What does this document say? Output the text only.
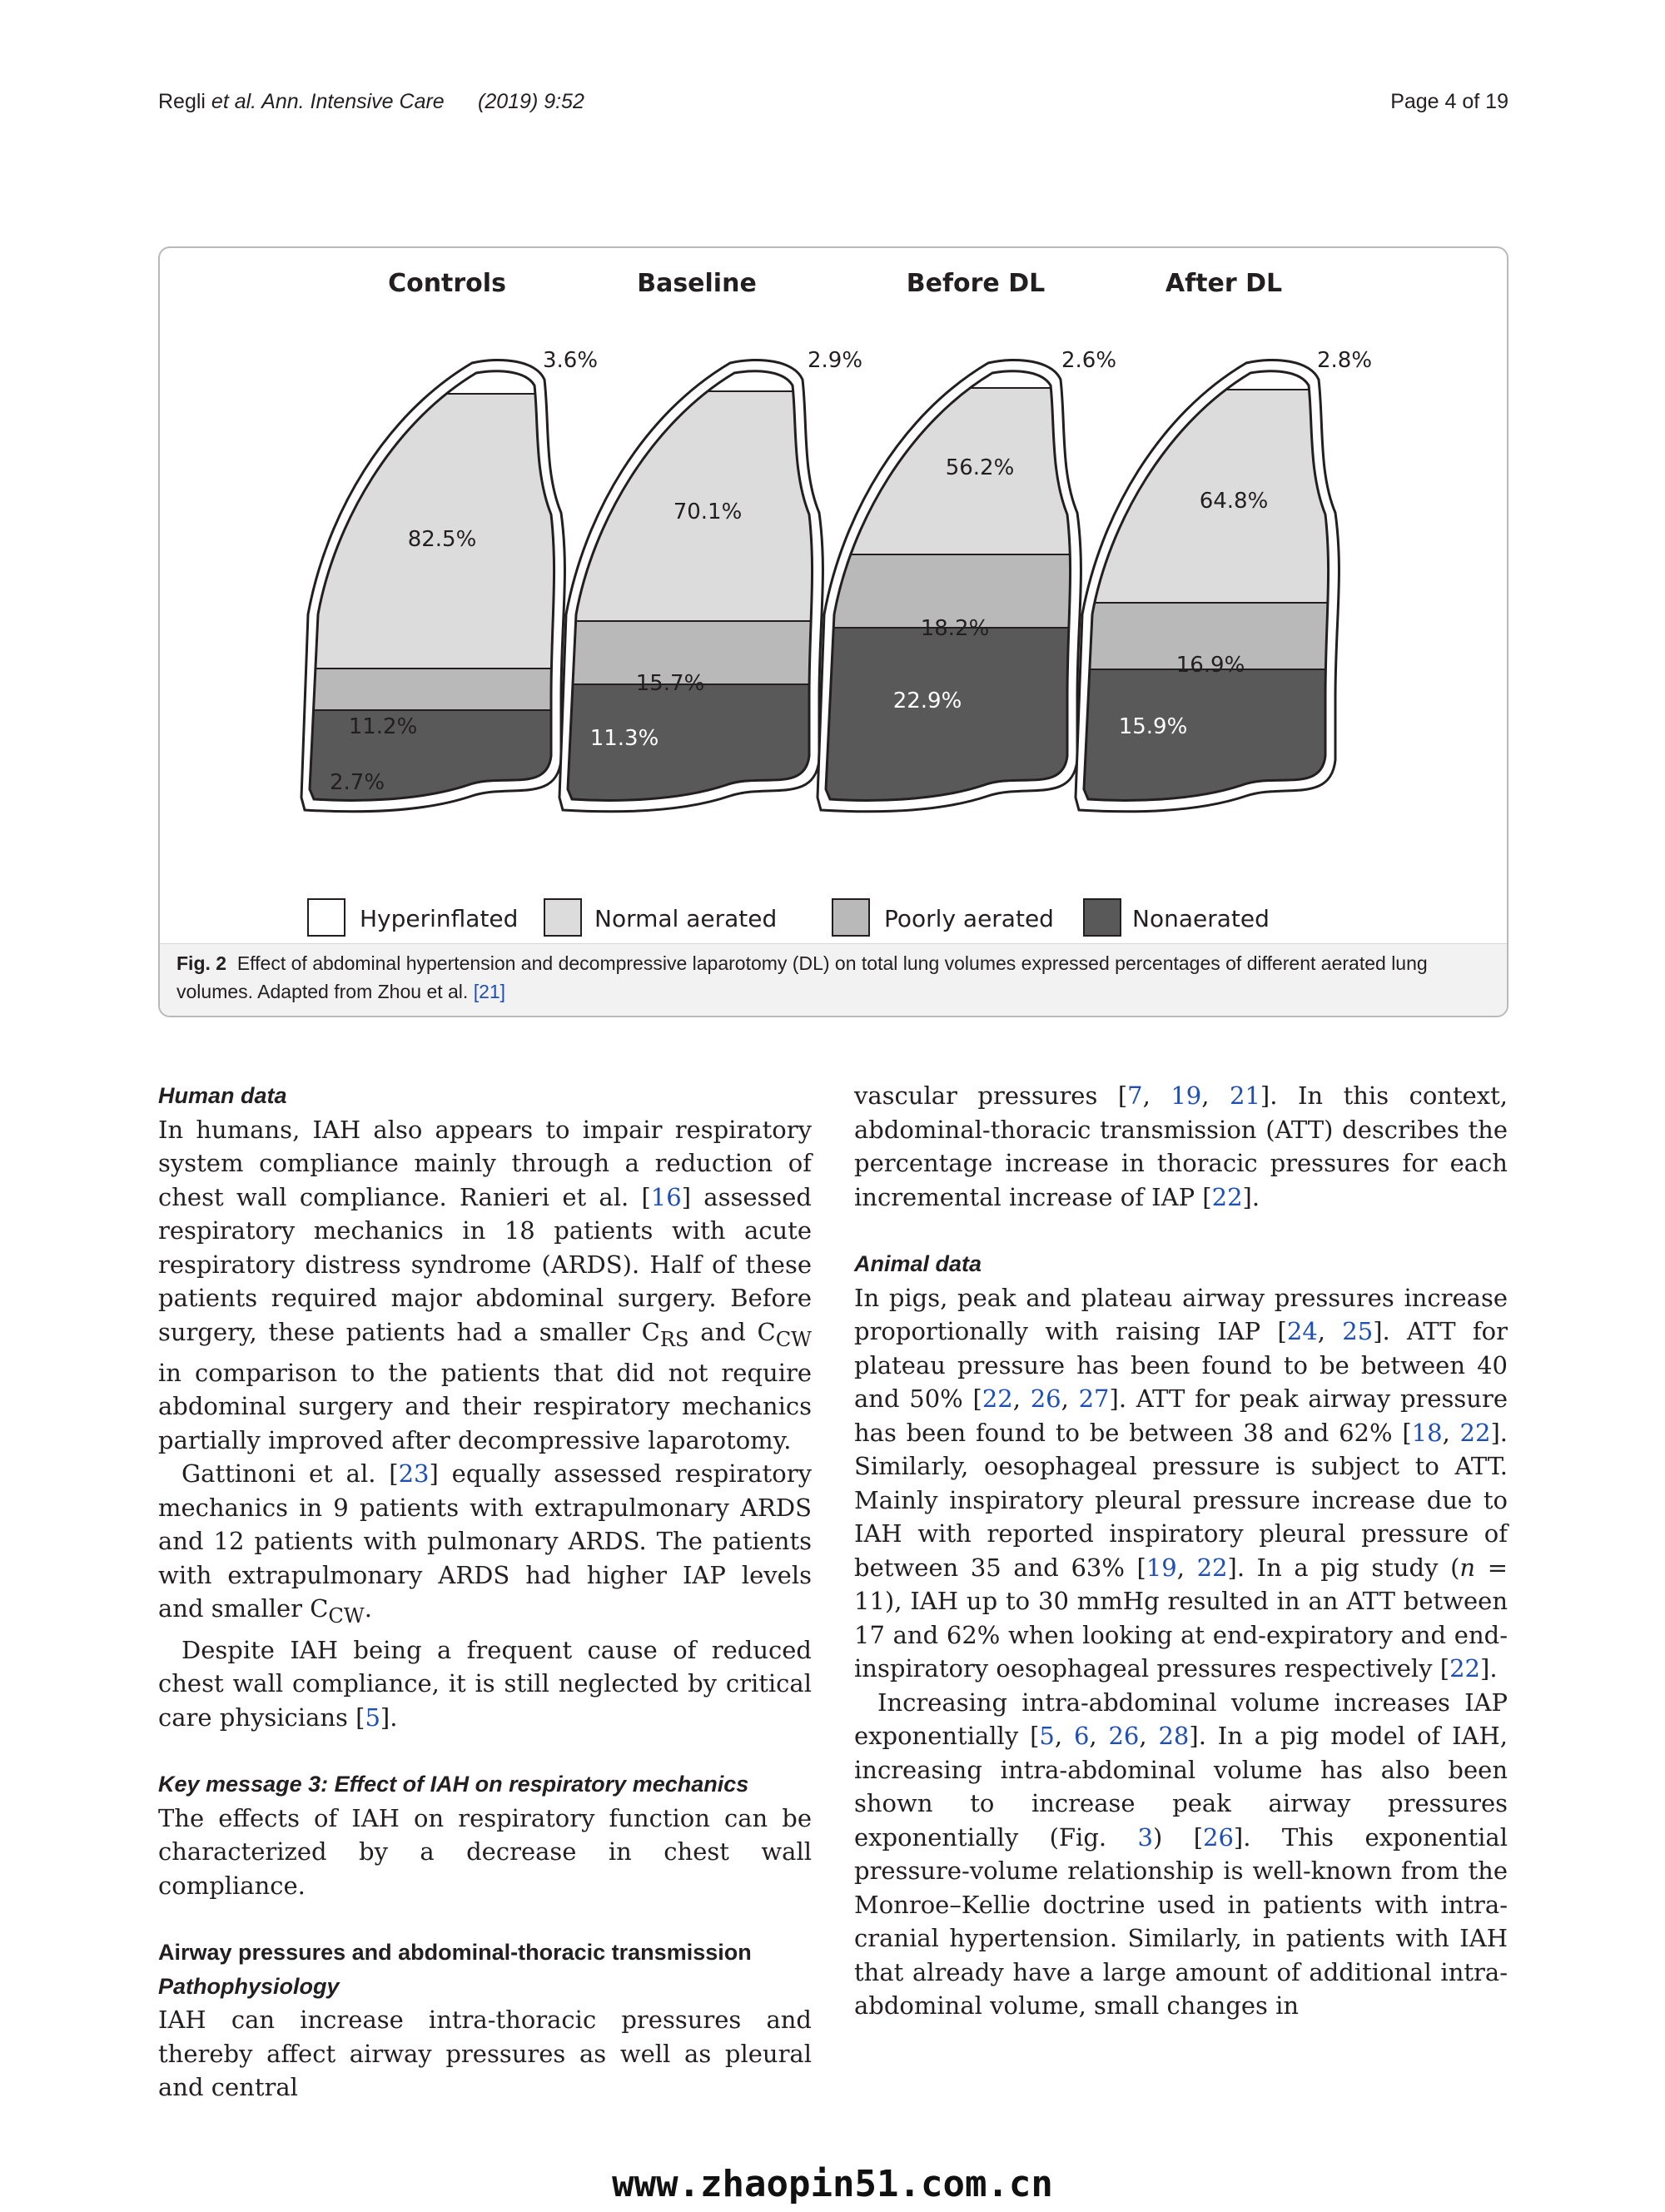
Regli et al. Ann. Intensive Care (2019) 9:52	Page 4 of 19
Controls	Baseline	Before DL	After DL
3.6%	2.9%	2.6%	2.8%
82.5%
70.1%
56.2%
64.8%
11.2%
15.7%
18.2%
16.9%
2.7%
11.3%
22.9%
15.9%
Hyperinflated	Normal aerated	Poorly aerated	Nonaerated
Fig. 2 Effect of abdominal hypertension and decompressive laparotomy (DL) on total lung volumes expressed percentages of different aerated lung volumes. Adapted from Zhou et al. [21]

Human data

In humans, IAH also appears to impair respiratory system compliance mainly through a reduction of chest wall compliance. Ranieri et al. [16] assessed respiratory mechanics in 18 patients with acute respiratory distress syndrome (ARDS). Half of these patients required major abdominal surgery. Before surgery, these patients had a smaller $C_{RS}$ and $C_{CW}$ in comparison to the patients that did not require abdominal surgery and their respiratory mechanics partially improved after decompressive laparotomy.

Gattinoni et al. [23] equally assessed respiratory mechanics in 9 patients with extrapulmonary ARDS and 12 patients with pulmonary ARDS. The patients with extrapulmonary ARDS had higher IAP levels and smaller $C_{CW}$.

Despite IAH being a frequent cause of reduced chest wall compliance, it is still neglected by critical care physicians [5].

Key message 3: Effect of IAH on respiratory mechanics

The effects of IAH on respiratory function can be characterized by a decrease in chest wall compliance.

Airway pressures and abdominal-thoracic transmission

Pathophysiology

IAH can increase intra-thoracic pressures and thereby affect airway pressures as well as pleural and central

vascular pressures [7, 19, 21]. In this context, abdominal-thoracic transmission (ATT) describes the percentage increase in thoracic pressures for each incremental increase of IAP [22].

Animal data

In pigs, peak and plateau airway pressures increase proportionally with raising IAP [24, 25]. ATT for plateau pressure has been found to be between 40 and 50% [22, 26, 27]. ATT for peak airway pressure has been found to be between 38 and 62% [18, 22]. Similarly, oesophageal pressure is subject to ATT. Mainly inspiratory pleural pressure increase due to IAH with reported inspiratory pleural pressure of between 35 and 63% [19, 22]. In a pig study (n = 11), IAH up to 30 mmHg resulted in an ATT between 17 and 62% when looking at end-expiratory and end-inspiratory oesophageal pressures respectively [22].

Increasing intra-abdominal volume increases IAP exponentially [5, 6, 26, 28]. In a pig model of IAH, increasing intra-abdominal volume has also been shown to increase peak airway pressures exponentially (Fig. 3) [26]. This exponential pressure-volume relationship is well-known from the Monroe–Kellie doctrine used in patients with intra-cranial hypertension. Similarly, in patients with IAH that already have a large amount of additional intra-abdominal volume, small changes in

www.zhaopin51.com.cn
